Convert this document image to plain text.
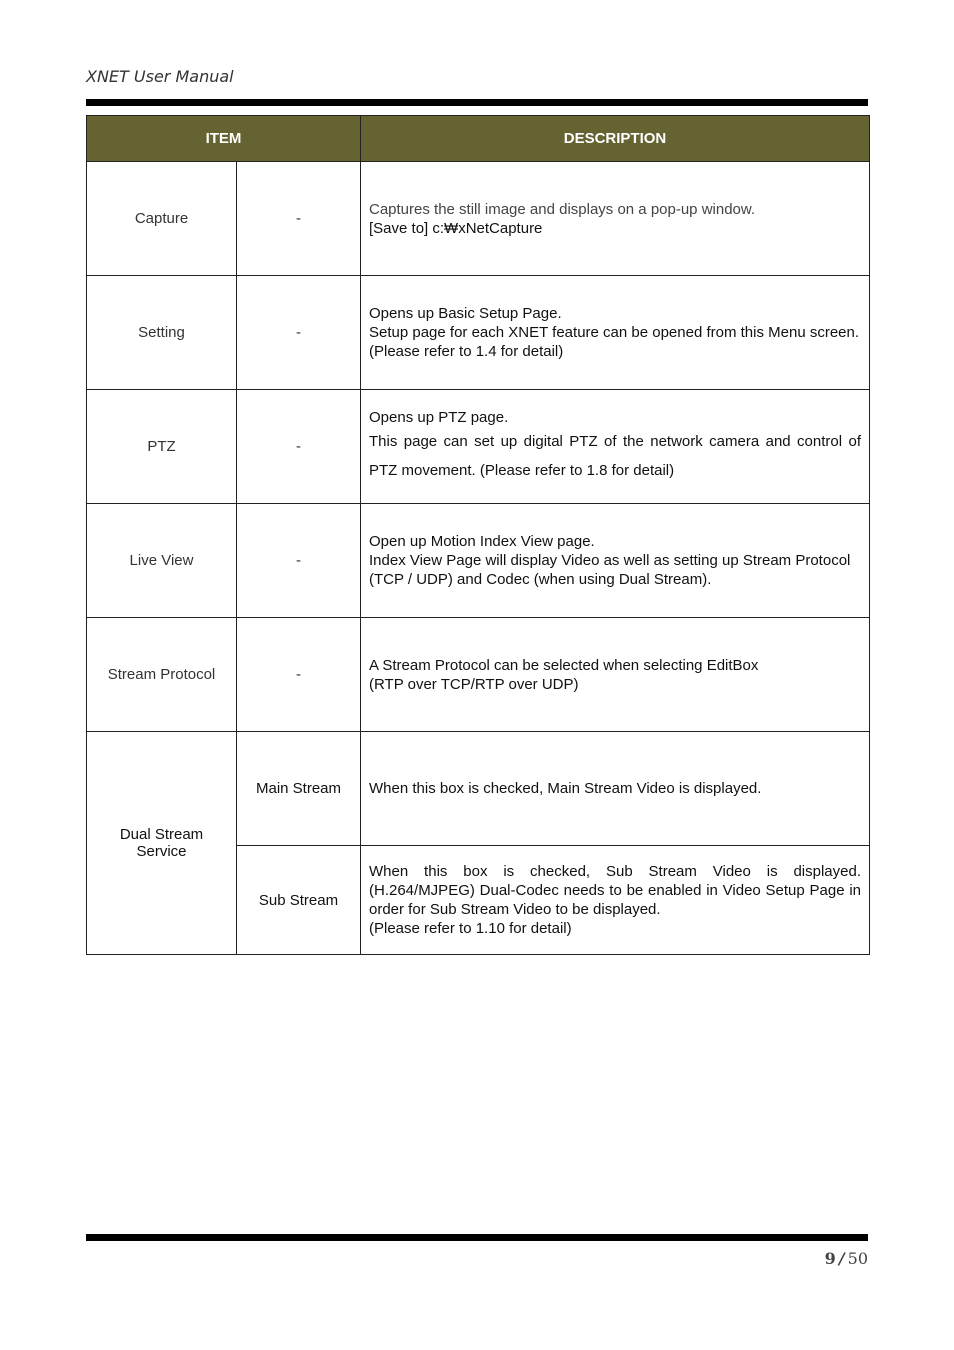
XNET User Manual
ITEM		DESCRIPTION
Capture	-	Captures the still image and displays on a pop-up window.
[Save to] c:₩xNetCapture

Setting	-	Opens up Basic Setup Page.
Setup page for each XNET feature can be opened from this Menu screen.
(Please refer to 1.4 for detail)

PTZ	-	Opens up PTZ page.
This page can set up digital PTZ of the network camera and control of PTZ movement. (Please refer to 1.8 for detail)

Live View	-	Open up Motion Index View page.
Index View Page will display Video as well as setting up Stream Protocol (TCP / UDP) and Codec (when using Dual Stream).

Stream Protocol	-	A Stream Protocol can be selected when selecting EditBox
(RTP over TCP/RTP over UDP)

Dual Stream Service	Main Stream	When this box is checked, Main Stream Video is displayed.

	Sub Stream	When this box is checked, Sub Stream Video is displayed. (H.264/MJPEG) Dual-Codec needs to be enabled in Video Setup Page in order for Sub Stream Video to be displayed.
(Please refer to 1.10 for detail)
9 / 50
